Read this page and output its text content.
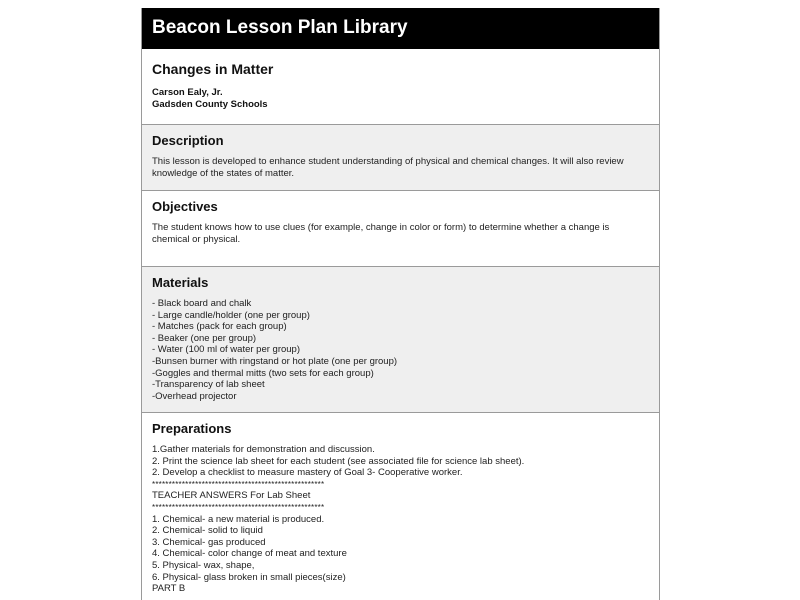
Beacon Lesson Plan Library
Changes in Matter
Carson Ealy, Jr.
Gadsden County Schools
Description
This lesson is developed to enhance student understanding of physical and chemical changes. It will also review knowledge of the states of matter.
Objectives
The student knows how to use clues (for example, change in color or form) to determine whether a change is chemical or physical.
Materials
- Black board and chalk
- Large candle/holder (one per group)
- Matches (pack for each group)
- Beaker (one per group)
- Water (100 ml of water per group)
-Bunsen burner with ringstand or hot plate (one per group)
-Goggles and thermal mitts (two sets for each group)
-Transparency of lab sheet
-Overhead projector
Preparations
1.Gather materials for demonstration and discussion.
2. Print the science lab sheet for each student (see associated file for science lab sheet).
2. Develop a checklist to measure mastery of Goal 3- Cooperative worker.
****************************************************
TEACHER ANSWERS For Lab Sheet
****************************************************
1. Chemical- a new material is produced.
2. Chemical- solid to liquid
3. Chemical- gas produced
4. Chemical- color change of meat and texture
5. Physical- wax, shape,
6. Physical- glass broken in small pieces(size)
PART B
